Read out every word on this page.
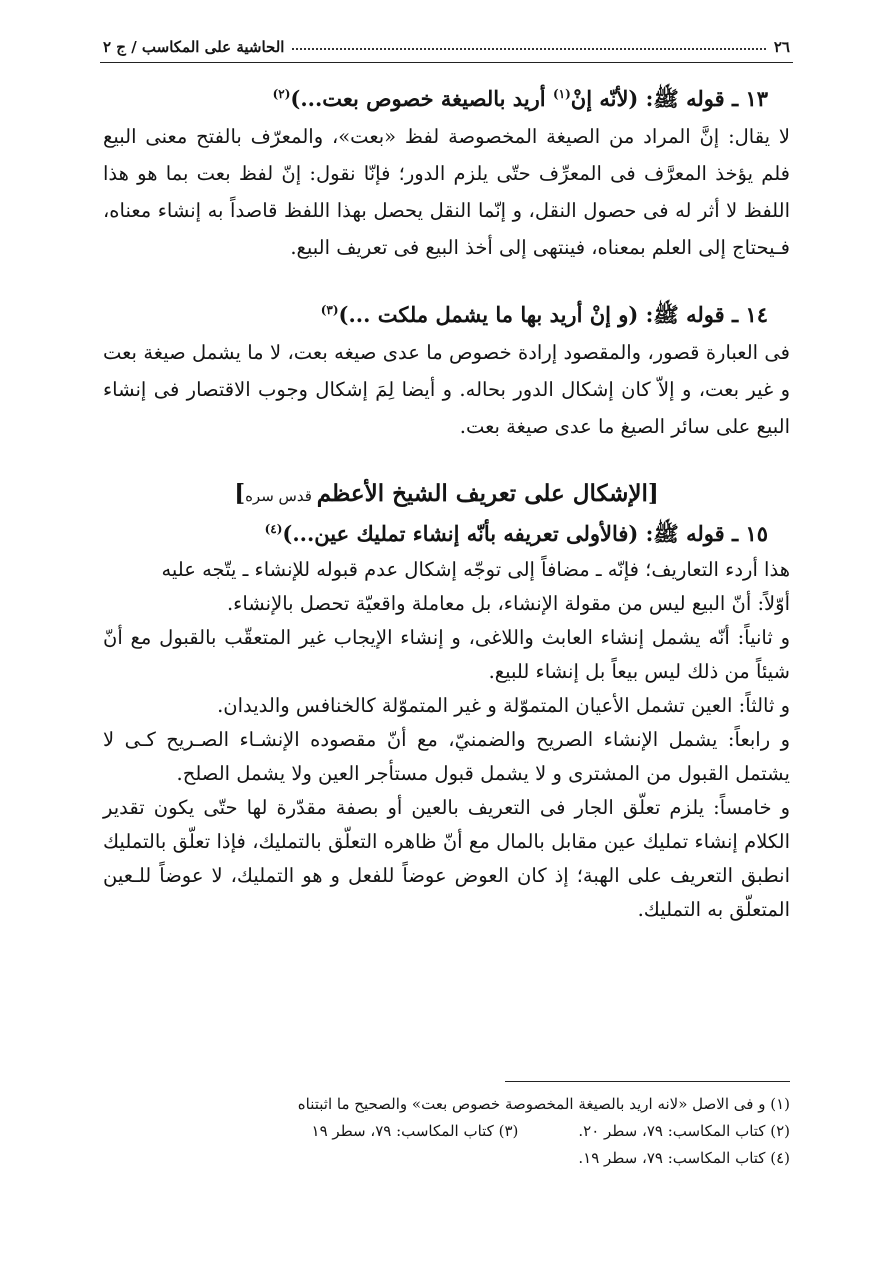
٢٦
الحاشية على المكاسب / ج ٢

١٣ ـ قوله ﷺ: (لأنّه إنْ$^{(١)}$ أريد بالصيغة خصوص بعت...)$^{(٢)}$

لا يقال: إنَّ المراد من الصيغة المخصوصة لفظ «بعت»، والمعرّف بالفتح معنى البيع فلم يؤخذ المعرَّف فى المعرِّف حتّى يلزم الدور؛ فإنّا نقول: إنّ لفظ بعت بما هو هذا اللفظ لا أثر له فى حصول النقل، و إنّما النقل يحصل بهذا اللفظ قاصداً به إنشاء معناه، فـيحتاج إلى العلم بمعناه، فينتهى إلى أخذ البيع فى تعريف البيع.

١٤ ـ قوله ﷺ: (و إنْ أريد بها ما يشمل ملكت ...)$^{(٣)}$

فى العبارة قصور، والمقصود إرادة خصوص ما عدى صيغه بعت، لا ما يشمل صيغة بعت و غير بعت، و إلاّ كان إشكال الدور بحاله. و أيضا لِمَ إشكال وجوب الاقتصار فى إنشاء البيع على سائر الصيغ ما عدى صيغة بعت.

[الإشكال على تعريف الشيخ الأعظم قدس سره]

١٥ ـ قوله ﷺ: (فالأولى تعريفه بأنّه إنشاء تمليك عين...)$^{(٤)}$

هذا أردء التعاريف؛ فإنّه ـ مضافاً إلى توجّه إشكال عدم قبوله للإنشاء ـ يتّجه عليه

أوّلاً: أنّ البيع ليس من مقولة الإنشاء، بل معاملة واقعيّة تحصل بالإنشاء.

و ثانياً: أنّه يشمل إنشاء العابث واللاغى، و إنشاء الإيجاب غير المتعقّب بالقبول مع أنّ شيئاً من ذلك ليس بيعاً بل إنشاء للبيع.

و ثالثاً: العين تشمل الأعيان المتموّلة و غير المتموّلة كالخنافس والديدان.

و رابعاً: يشمل الإنشاء الصريح والضمنيّ، مع أنّ مقصوده الإنشـاء الصـريح كـى لا يشتمل القبول من المشترى و لا يشمل قبول مستأجر العين ولا يشمل الصلح.

و خامساً: يلزم تعلّق الجار فى التعريف بالعين أو بصفة مقدّرة لها حتّى يكون تقدير الكلام إنشاء تمليك عين مقابل بالمال مع أنّ ظاهره التعلّق بالتمليك، فإذا تعلّق بالتمليك انطبق التعريف على الهبة؛ إذ كان العوض عوضاً للفعل و هو التمليك، لا عوضاً للـعين المتعلّق به التمليك.

(١) و فى الاصل «لانه اريد بالصيغة المخصوصة خصوص بعت» والصحيح ما اثبتناه

(٢) كتاب المكاسب: ٧٩، سطر ٢٠.
(٣) كتاب المكاسب: ٧٩، سطر ١٩

(٤) كتاب المكاسب: ٧٩، سطر ١٩.
